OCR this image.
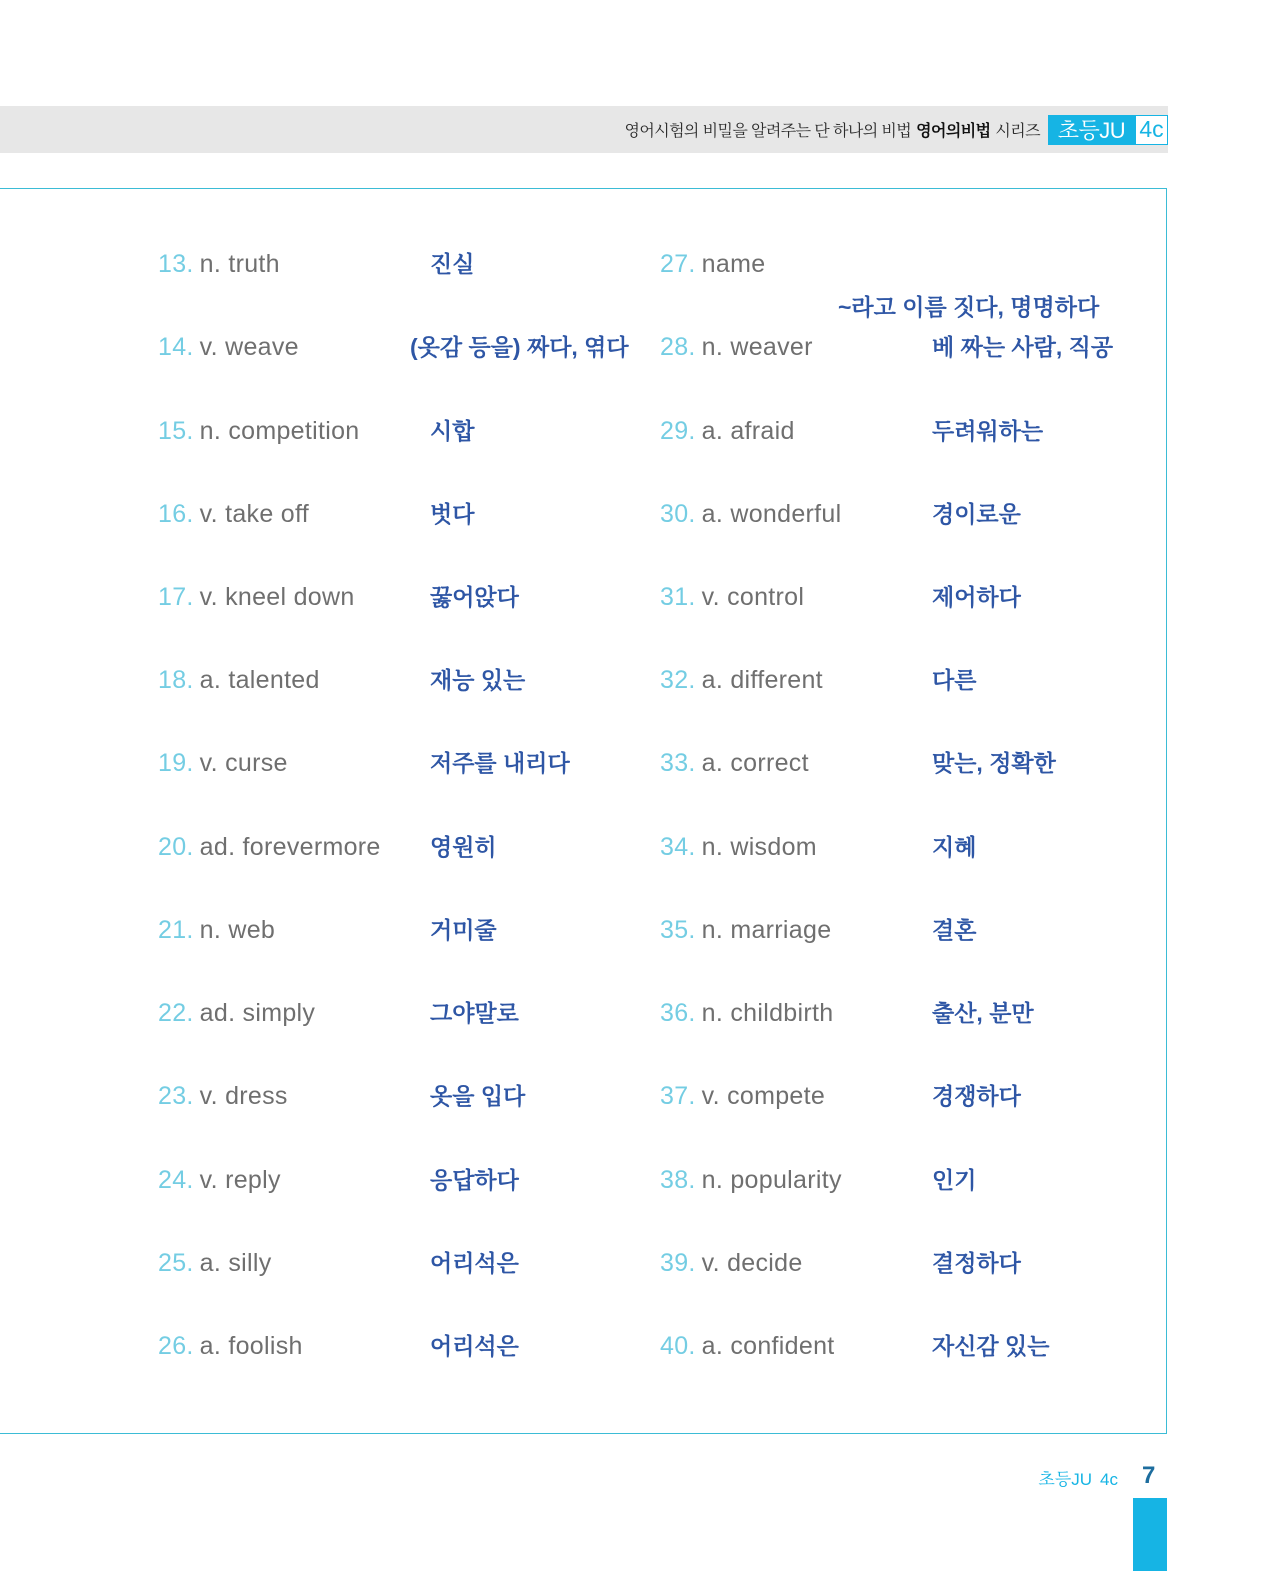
영어시험의 비밀을 알려주는 단 하나의 비법 영어의비법 시리즈 초등JU 4c
13. n. truth	진실
14. v. weave	(옷감 등을) 짜다, 엮다
15. n. competition	시합
16. v. take off	벗다
17. v. kneel down	꿇어앉다
18. a. talented	재능 있는
19. v. curse	저주를 내리다
20. ad. forevermore	영원히
21. n. web	거미줄
22. ad. simply	그야말로
23. v. dress	옷을 입다
24. v. reply	응답하다
25. a. silly	어리석은
26. a. foolish	어리석은
27. name
~라고 이름 짓다, 명명하다
28. n. weaver	베 짜는 사람, 직공
29. a. afraid	두려워하는
30. a. wonderful	경이로운
31. v. control	제어하다
32. a. different	다른
33. a. correct	맞는, 정확한
34. n. wisdom	지혜
35. n. marriage	결혼
36. n. childbirth	출산, 분만
37. v. compete	경쟁하다
38. n. popularity	인기
39. v. decide	결정하다
40. a. confident	자신감 있는
초등JU 4c 7
